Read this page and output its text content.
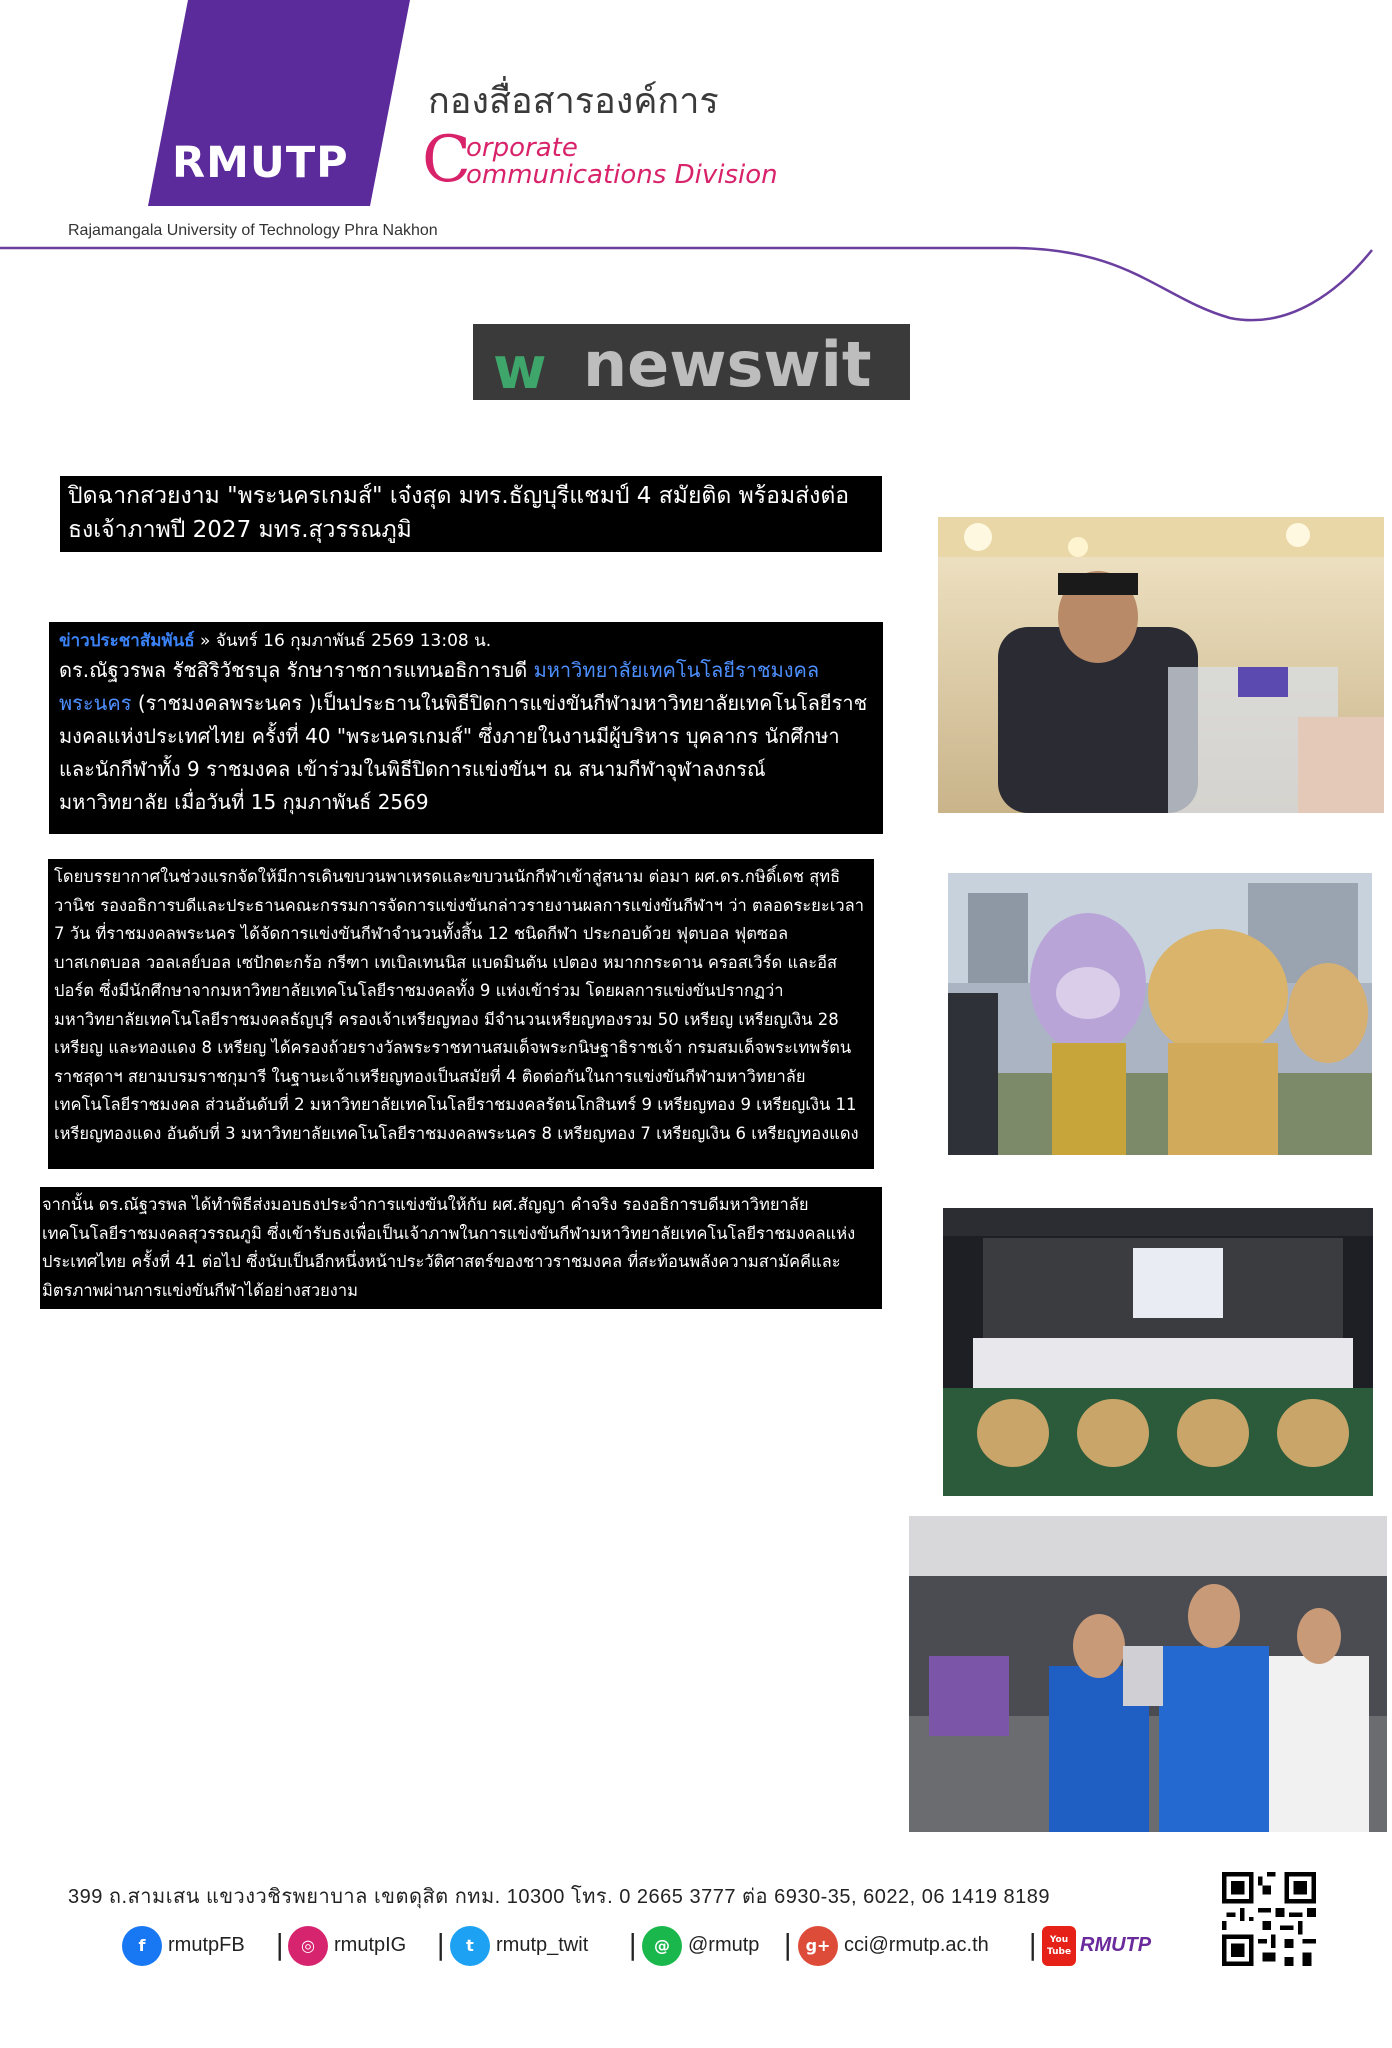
RMUTP
Rajamangala University of Technology Phra Nakhon
กองสื่อสารองค์การ
C
orporate
ommunications Division
w newswit
ปิดฉากสวยงาม "พระนครเกมส์" เจ๋งสุด มทร.ธัญบุรีแชมป์ 4 สมัยติด พร้อมส่งต่อธงเจ้าภาพปี 2027 มทร.สุวรรณภูมิ
ข่าวประชาสัมพันธ์ » จันทร์ 16 กุมภาพันธ์ 2569 13:08 น.
ดร.ณัฐวรพล รัชสิริวัชรบุล รักษาราชการแทนอธิการบดี มหาวิทยาลัยเทคโนโลยีราชมงคลพระนคร (ราชมงคลพระนคร )เป็นประธานในพิธีปิดการแข่งขันกีฬามหาวิทยาลัยเทคโนโลยีราชมงคลแห่งประเทศไทย ครั้งที่ 40 "พระนครเกมส์" ซึ่งภายในงานมีผู้บริหาร บุคลากร นักศึกษา และนักกีฬาทั้ง 9 ราชมงคล เข้าร่วมในพิธีปิดการแข่งขันฯ ณ สนามกีฬาจุฬาลงกรณ์มหาวิทยาลัย เมื่อวันที่ 15 กุมภาพันธ์ 2569
โดยบรรยากาศในช่วงแรกจัดให้มีการเดินขบวนพาเหรดและขบวนนักกีฬาเข้าสู่สนาม ต่อมา ผศ.ดร.กษิดิ์เดช สุทธิวานิช รองอธิการบดีและประธานคณะกรรมการจัดการแข่งขันกล่าวรายงานผลการแข่งขันกีฬาฯ ว่า ตลอดระยะเวลา 7 วัน ที่ราชมงคลพระนคร ได้จัดการแข่งขันกีฬาจำนวนทั้งสิ้น 12 ชนิดกีฬา ประกอบด้วย ฟุตบอล ฟุตซอล บาสเกตบอล วอลเลย์บอล เซปักตะกร้อ กรีฑา เทเบิลเทนนิส แบดมินตัน เปตอง หมากกระดาน ครอสเวิร์ด และอีสปอร์ต ซึ่งมีนักศึกษาจากมหาวิทยาลัยเทคโนโลยีราชมงคลทั้ง 9 แห่งเข้าร่วม โดยผลการแข่งขันปรากฏว่า มหาวิทยาลัยเทคโนโลยีราชมงคลธัญบุรี ครองเจ้าเหรียญทอง มีจำนวนเหรียญทองรวม 50 เหรียญ เหรียญเงิน 28 เหรียญ และทองแดง 8 เหรียญ ได้ครองถ้วยรางวัลพระราชทานสมเด็จพระกนิษฐาธิราชเจ้า กรมสมเด็จพระเทพรัตนราชสุดาฯ สยามบรมราชกุมารี ในฐานะเจ้าเหรียญทองเป็นสมัยที่ 4 ติดต่อกันในการแข่งขันกีฬามหาวิทยาลัยเทคโนโลยีราชมงคล ส่วนอันดับที่ 2 มหาวิทยาลัยเทคโนโลยีราชมงคลรัตนโกสินทร์ 9 เหรียญทอง 9 เหรียญเงิน 11 เหรียญทองแดง อันดับที่ 3 มหาวิทยาลัยเทคโนโลยีราชมงคลพระนคร 8 เหรียญทอง 7 เหรียญเงิน 6 เหรียญทองแดง
จากนั้น ดร.ณัฐวรพล ได้ทำพิธีส่งมอบธงประจำการแข่งขันให้กับ ผศ.สัญญา คำจริง รองอธิการบดีมหาวิทยาลัยเทคโนโลยีราชมงคลสุวรรณภูมิ ซึ่งเข้ารับธงเพื่อเป็นเจ้าภาพในการแข่งขันกีฬามหาวิทยาลัยเทคโนโลยีราชมงคลแห่งประเทศไทย ครั้งที่ 41 ต่อไป ซึ่งนับเป็นอีกหนึ่งหน้าประวัติศาสตร์ของชาวราชมงคล ที่สะท้อนพลังความสามัคคีและมิตรภาพผ่านการแข่งขันกีฬาได้อย่างสวยงาม
399 ถ.สามเสน แขวงวชิรพยาบาล เขตดุสิต กทม. 10300 โทร. 0 2665 3777 ต่อ 6930-35, 6022, 06 1419 8189
f	rmutpFB |	◎ rmutpIG |	t	rmutp_twit |	@ @rmutp | g+ cci@rmutp.ac.th |	You Tube RMUTP
